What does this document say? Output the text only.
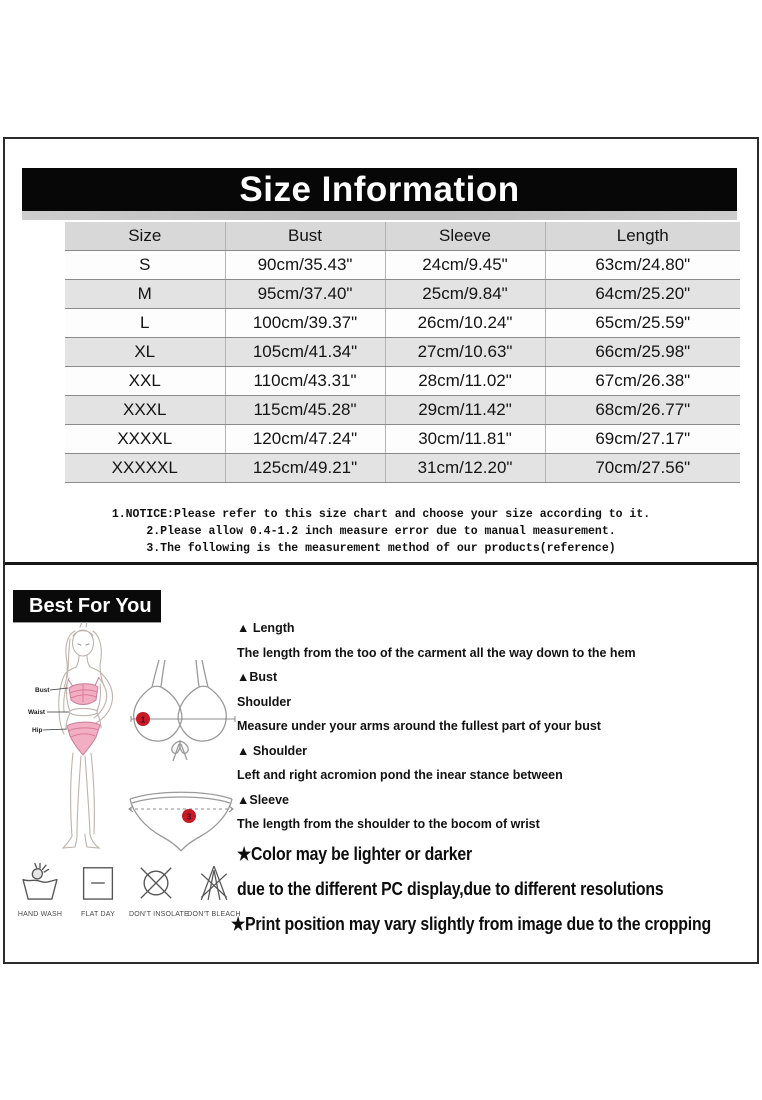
Size Information
Size	Bust	Sleeve	Length
S	90cm/35.43"	24cm/9.45"	63cm/24.80"
M	95cm/37.40"	25cm/9.84"	64cm/25.20"
L	100cm/39.37"	26cm/10.24"	65cm/25.59"
XL	105cm/41.34"	27cm/10.63"	66cm/25.98"
XXL	110cm/43.31"	28cm/11.02"	67cm/26.38"
XXXL	115cm/45.28"	29cm/11.42"	68cm/26.77"
XXXXL	120cm/47.24"	30cm/11.81"	69cm/27.17"
XXXXXL	125cm/49.21"	31cm/12.20"	70cm/27.56"
1.NOTICE:Please refer to this size chart and choose your size according to it.
2.Please allow 0.4-1.2 inch measure error due to manual measurement.
3.The following is the measurement method of our products(reference)
Best For You
Bust
Waist
Hip
1
3

▲ Length

The length from the too of the carment all the way down to the hem

▲Bust

Shoulder

Measure under your arms around the fullest part of your bust

▲ Shoulder

Left and right acromion pond the inear stance between

▲Sleeve

The length from the shoulder to the bocom of wrist

★Color may be lighter or darker

due to the different PC display,due to different resolutions

★Print position may vary slightly from image due to the cropping

HAND WASH	FLAT DAY	DON'T INSOLATE
DON'T BLEACH
